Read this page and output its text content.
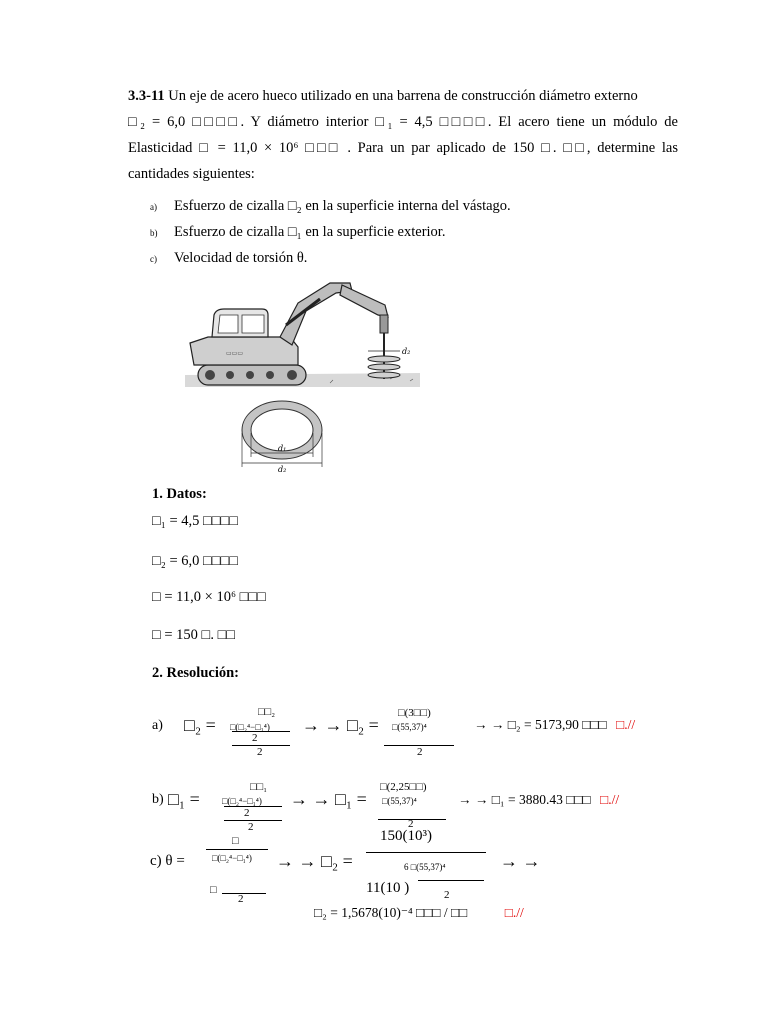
3.3-11 Un eje de acero hueco utilizado en una barrena de construcción diámetro externo
□₂ = 6,0 □□□□. Y diámetro interior □₁ = 4,5 □□□□. El acero tiene un módulo de
Elasticidad □ = 11,0 × 10⁶ □□□ . Para un par aplicado de 150 □. □□, determine las
cantidades siguientes:
a) Esfuerzo de cizalla □₂ en la superficie interna del vástago.
b) Esfuerzo de cizalla □₁ en la superficie exterior.
c) Velocidad de torsión θ.
▭▭▭	d₂
d₁
d₂
1. Datos:
□₁ = 4,5 □□□□
□₂ = 6,0 □□□□
□ = 11,0 × 10⁶ □□□
□ = 150 □. □□
2. Resolución:
a) □₂ =
□□₂
□(□₂⁴−□₁⁴)
2
2
→ → □₂ =
□(3□□)
□(55,37)⁴
2
→ → □₂ = 5173,90 □□□ □.//
b) □₁ =
□□₁
□(□₂⁴−□₁⁴)
2
2
→ → □₁ =
□(2,25□□)
□(55,37)⁴
2
→ → □₁ = 3880.43 □□□ □.//
c) θ =
□
□(□₂⁴−□₁⁴)
□
2
→ → □₂ =
150(10³)
6 □(55,37)⁴
11(10 )	2
→ →
□₂ = 1,5678(10)⁻⁴ □□□ / □□	□.//
